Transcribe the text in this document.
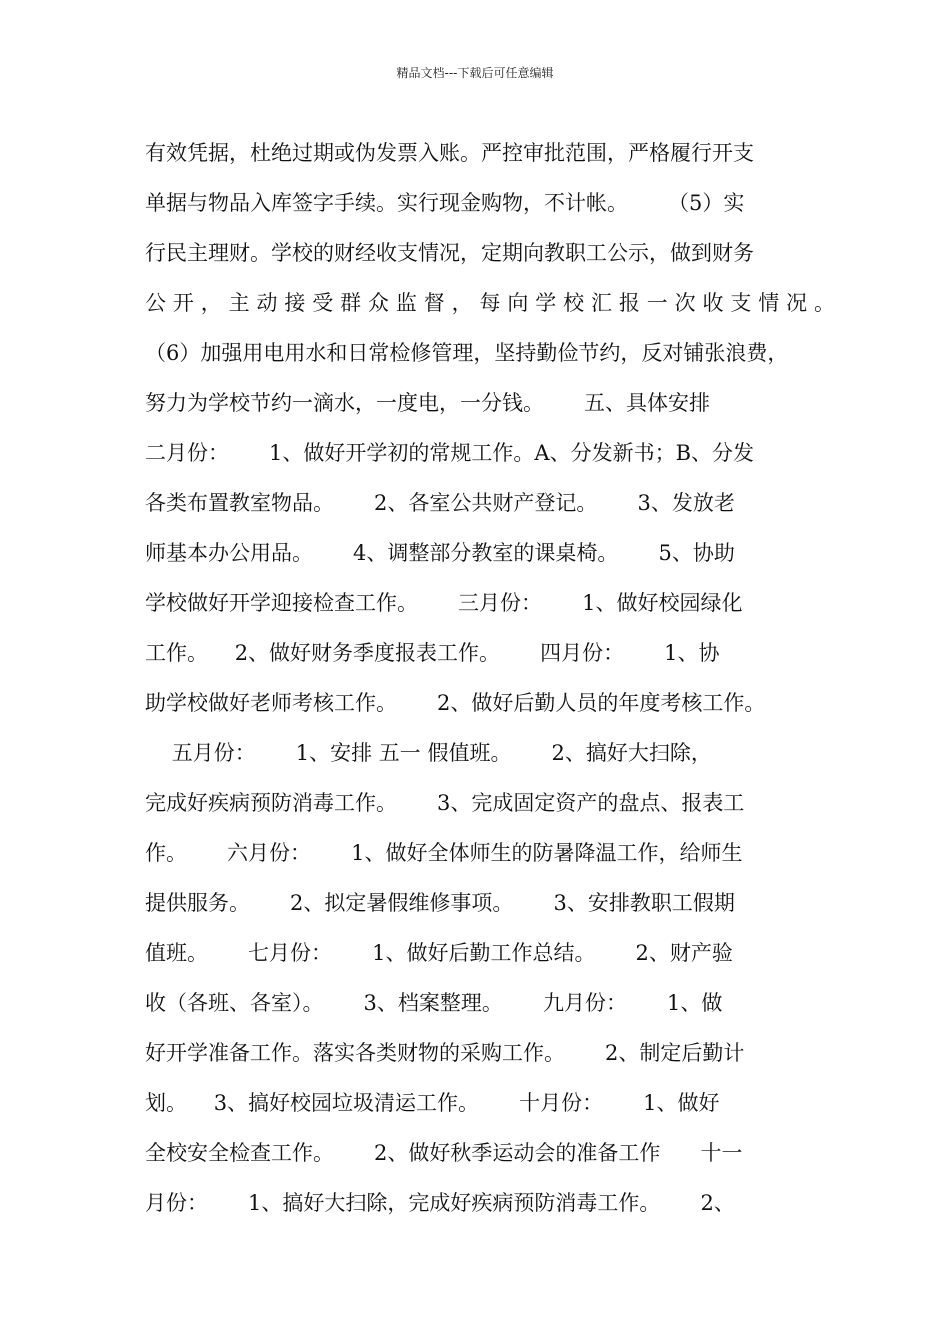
精品文档---下载后可任意编辑
有效凭据，杜绝过期或伪发票入账。严控审批范围，严格履行开支
单据与物品入库签字手续。实行现金购物，不计帐。      （5）实
行民主理财。学校的财经收支情况，定期向教职工公示，做到财务
公开，主动接受群众监督，每向学校汇报一次收支情况。
（6）加强用电用水和日常检修管理，坚持勤俭节约，反对铺张浪费，
努力为学校节约一滴水，一度电，一分钱。      五、具体安排
二月份：      1、做好开学初的常规工作。A、分发新书；B、分发
各类布置教室物品。      2、各室公共财产登记。      3、发放老
师基本办公用品。      4、调整部分教室的课桌椅。      5、协助
学校做好开学迎接检查工作。      三月份：      1、做好校园绿化
工作。    2、做好财务季度报表工作。      四月份：      1、协
助学校做好老师考核工作。      2、做好后勤人员的年度考核工作。
五月份：      1、安排 五一 假值班。      2、搞好大扫除，
完成好疾病预防消毒工作。      3、完成固定资产的盘点、报表工
作。      六月份：      1、做好全体师生的防暑降温工作，给师生
提供服务。      2、拟定暑假维修事项。      3、安排教职工假期
值班。      七月份：      1、做好后勤工作总结。      2、财产验
收（各班、各室）。      3、档案整理。      九月份：      1、做
好开学准备工作。落实各类财物的采购工作。      2、制定后勤计
划。    3、搞好校园垃圾清运工作。      十月份：      1、做好
全校安全检查工作。      2、做好秋季运动会的准备工作      十一
月份：      1、搞好大扫除，完成好疾病预防消毒工作。      2、
